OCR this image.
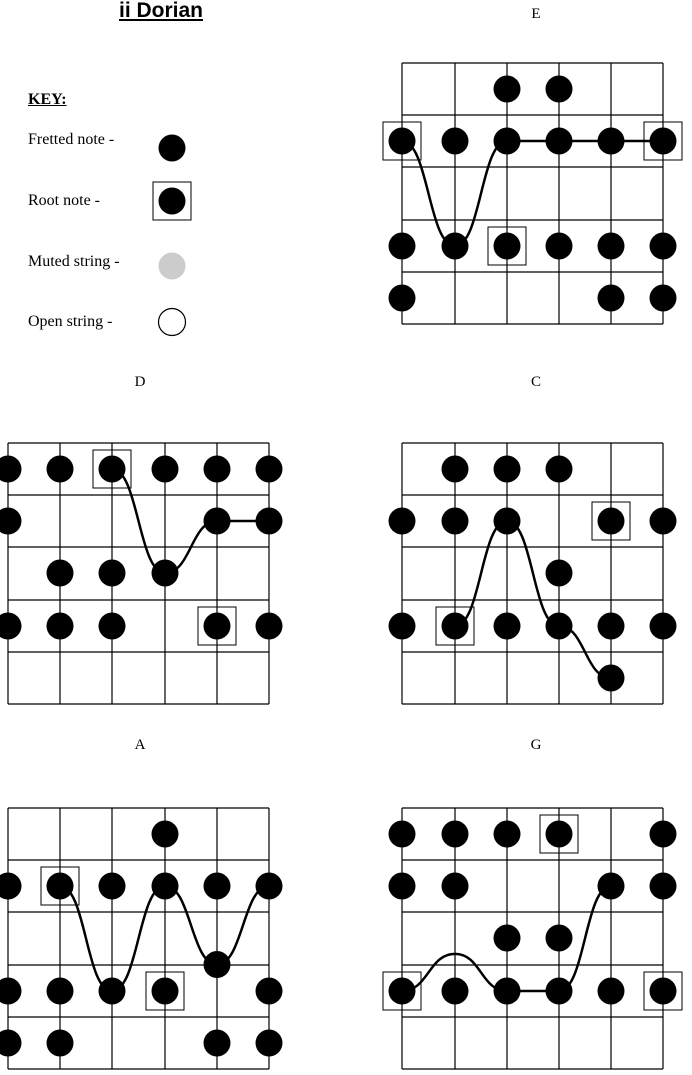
ii Dorian
KEY:
Fretted note -
Root note -
Muted string -
Open string -
E
D	C
A	G
